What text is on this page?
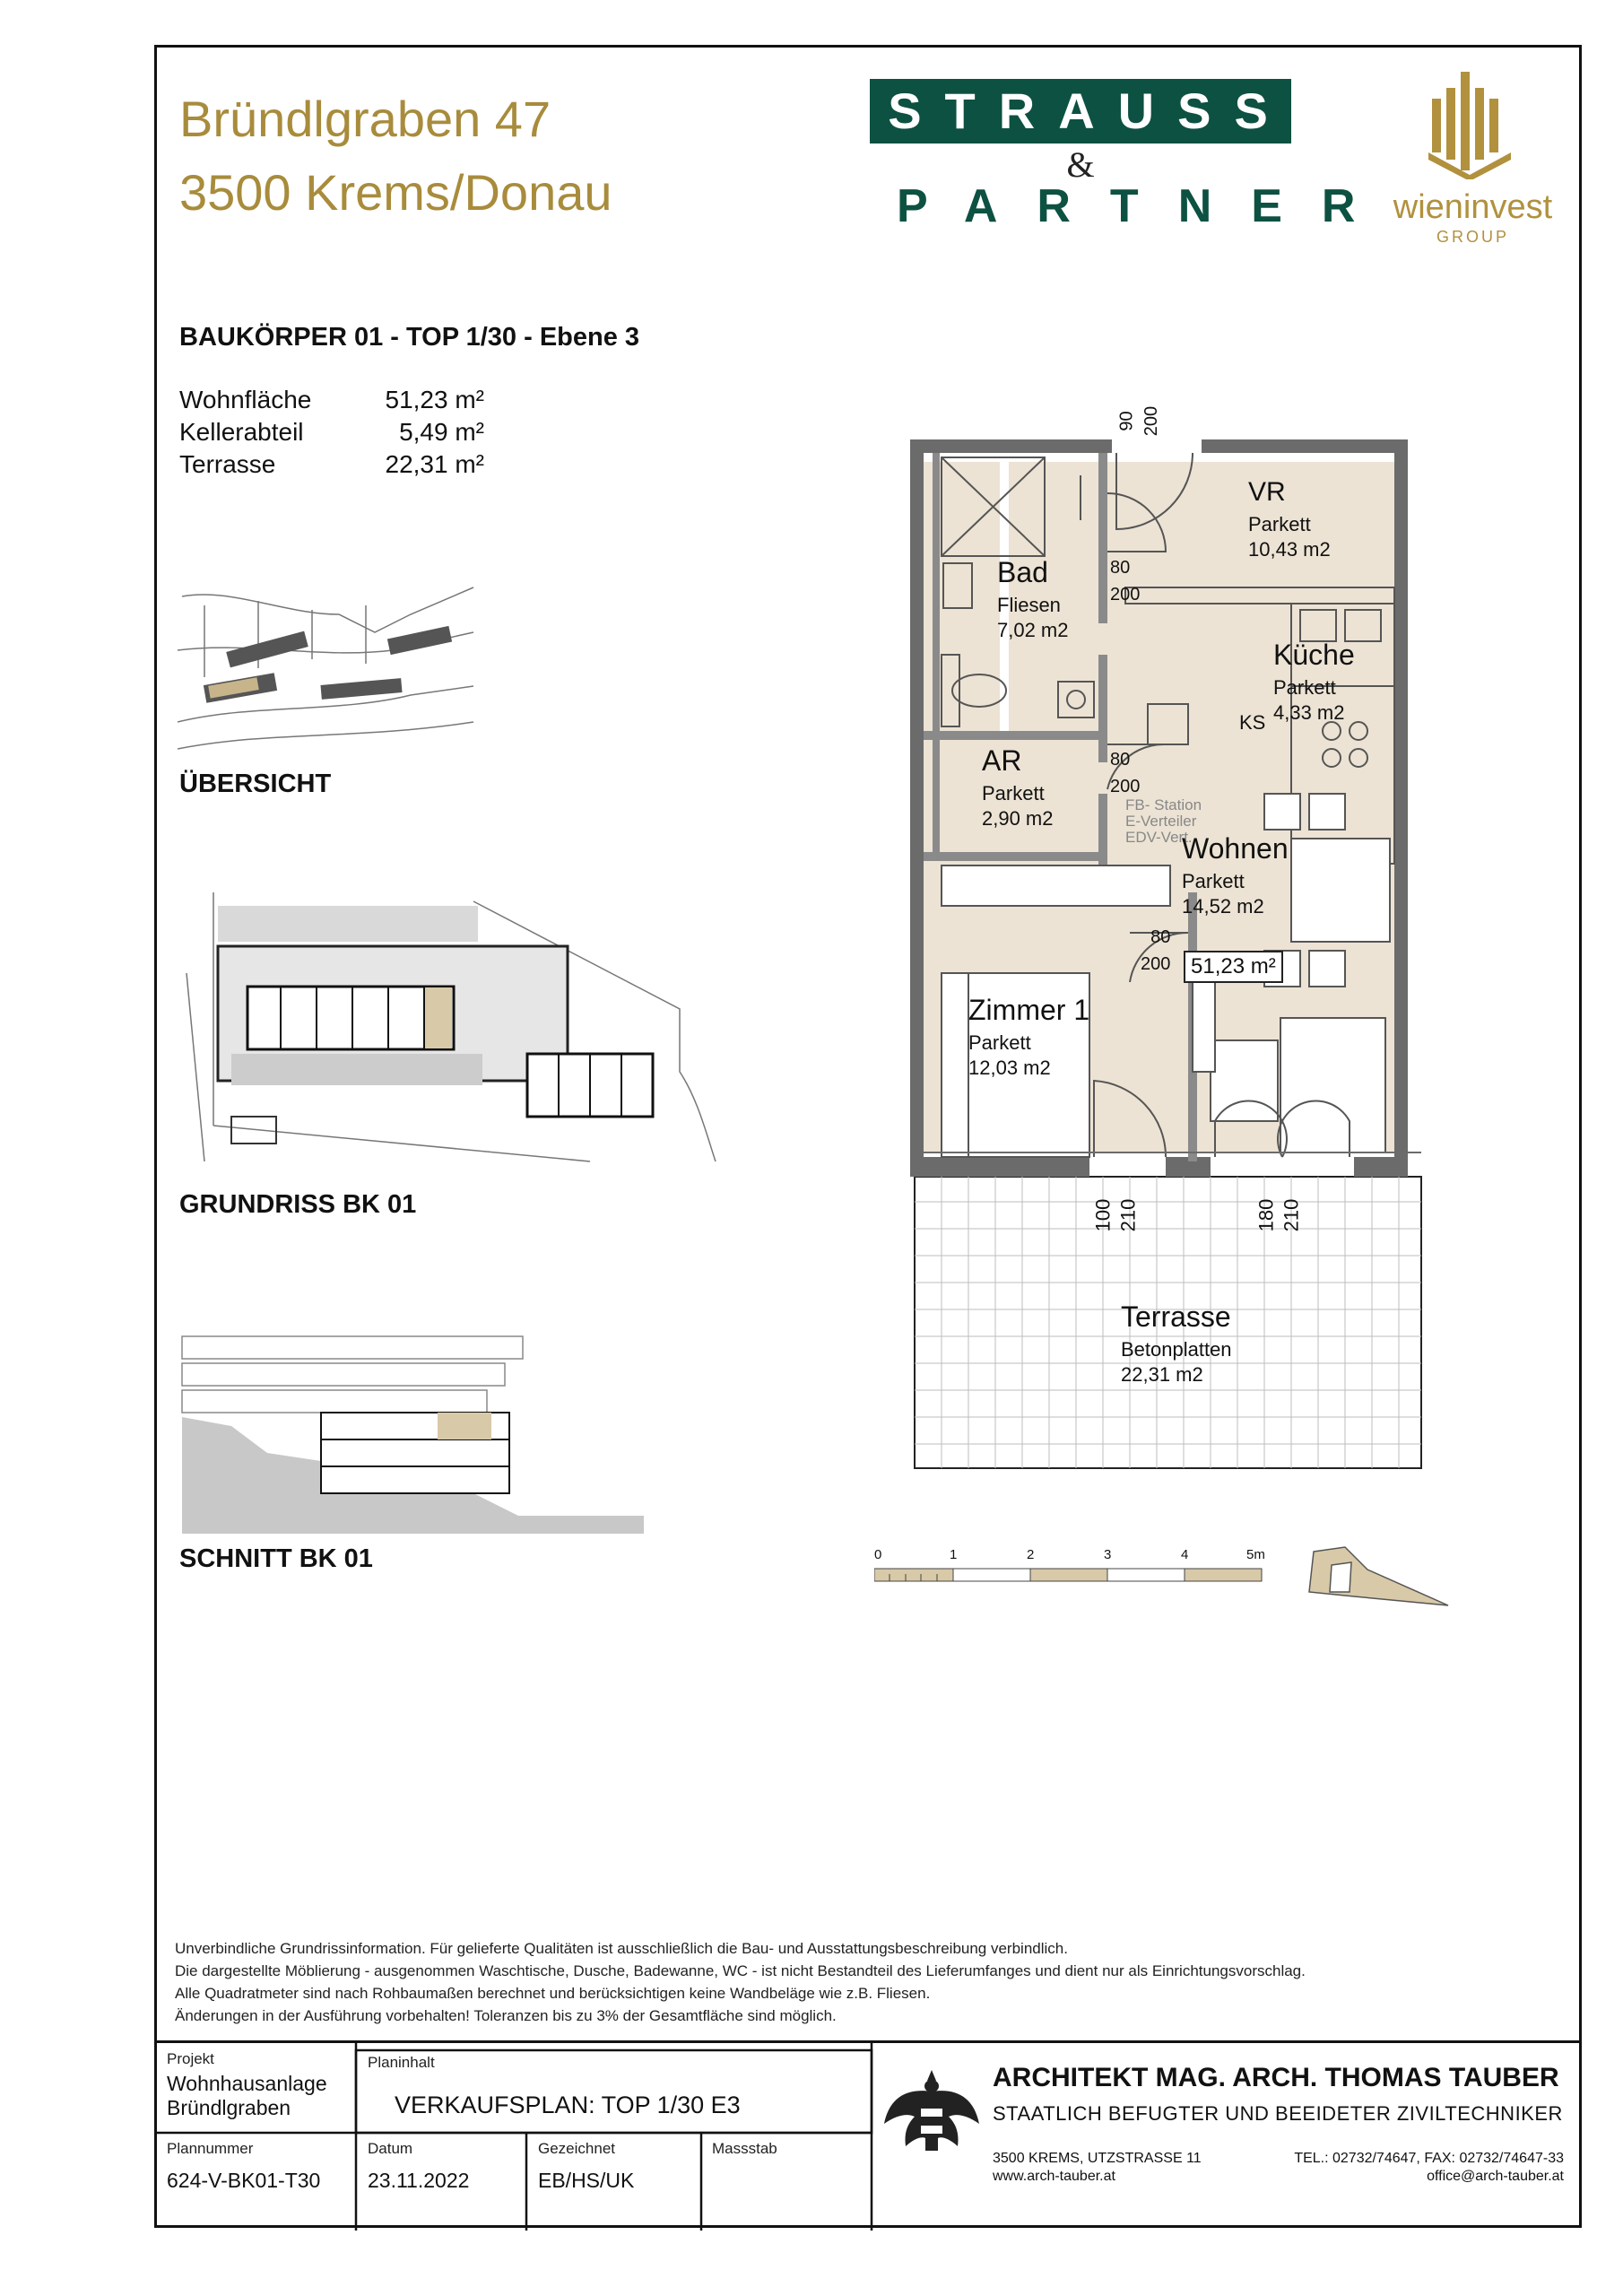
Bründlgraben 47
3500 Krems/Donau
STRAUSS
&
PARTNER
wieninvest
GROUP
BAUKÖRPER 01 - TOP 1/30 - Ebene 3
Wohnfläche	51,23 m²
Kellerabteil	5,49 m²
Terrasse	22,31 m²
ÜBERSICHT
GRUNDRISS BK 01
SCHNITT BK 01
VR
Parkett
10,43 m2
Bad
Fliesen
7,02 m2
Küche
Parkett
4,33 m2
KS
AR
Parkett
2,90 m2
FB- Station
E-Verteiler
EDV-Vert.
Wohnen
Parkett
14,52 m2
51,23 m²
Zimmer 1
Parkett
12,03 m2
Terrasse
Betonplatten
22,31 m2
90 200
80
200
80
200
80
200
100 210	180 210
0	1	2	3	4	5m
Unverbindliche Grundrissinformation. Für gelieferte Qualitäten ist ausschließlich die Bau- und Ausstattungsbeschreibung verbindlich.
Die dargestellte Möblierung - ausgenommen Waschtische, Dusche, Badewanne, WC - ist nicht Bestandteil des Lieferumfanges und dient nur als Einrichtungsvorschlag.
Alle Quadratmeter sind nach Rohbaumaßen berechnet und berücksichtigen keine Wandbeläge wie z.B. Fliesen.
Änderungen in der Ausführung vorbehalten! Toleranzen bis zu 3% der Gesamtfläche sind möglich.
Projekt
Wohnhausanlage
Bründlgraben
Planinhalt
VERKAUFSPLAN: TOP 1/30 E3
Plannummer
624-V-BK01-T30
Datum
23.11.2022
Gezeichnet
EB/HS/UK
Massstab
ARCHITEKT MAG. ARCH. THOMAS TAUBER
STAATLICH BEFUGTER UND BEEIDETER ZIVILTECHNIKER
3500 KREMS, UTZSTRASSE 11
www.arch-tauber.at
TEL.: 02732/74647, FAX: 02732/74647-33
office@arch-tauber.at
